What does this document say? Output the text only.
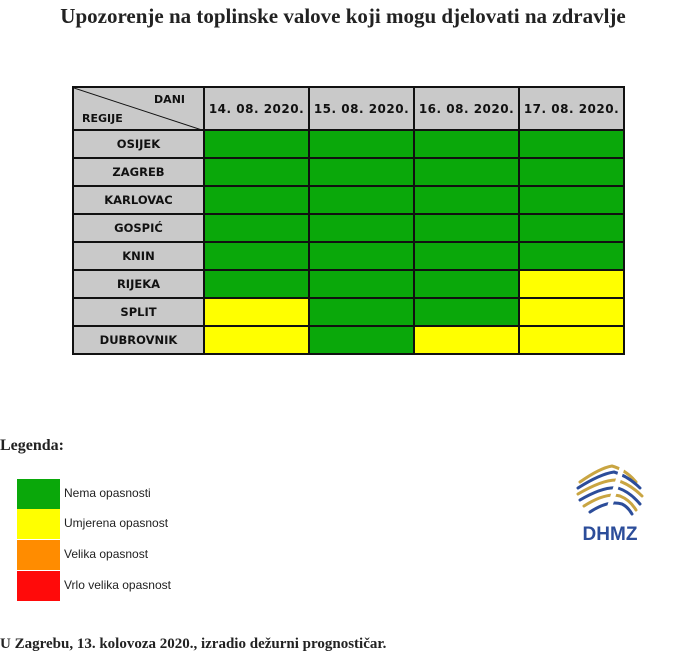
Upozorenje na toplinske valove koji mogu djelovati na zdravlje
DANI
REGIJE	14. 08. 2020.	15. 08. 2020.	16. 08. 2020.	17. 08. 2020.
OSIJEK				
ZAGREB				
KARLOVAC				
GOSPIĆ				
KNIN				
RIJEKA				
SPLIT				
DUBROVNIK				
Legenda:
Nema opasnosti
Umjerena opasnost
Velika opasnost
Vrlo velika opasnost
DHMZ
U Zagrebu, 13. kolovoza 2020., izradio dežurni prognostičar.
